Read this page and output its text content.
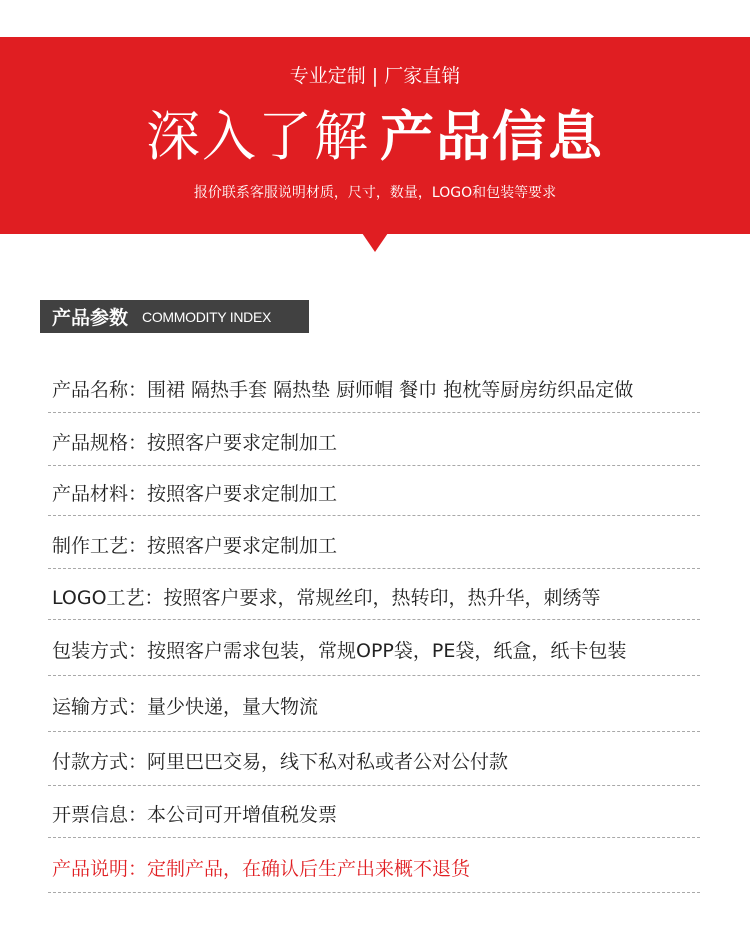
专业定制 | 厂家直销
深入了解 产品信息
报价联系客服说明材质，尺寸，数量，LOGO和包装等要求
产品参数 COMMODITY INDEX
产品名称： 围裙 隔热手套 隔热垫 厨师帽 餐巾 抱枕等厨房纺织品定做
产品规格： 按照客户要求定制加工
产品材料： 按照客户要求定制加工
制作工艺： 按照客户要求定制加工
LOGO工艺： 按照客户要求，常规丝印，热转印，热升华，刺绣等
包装方式： 按照客户需求包装，常规OPP袋，PE袋，纸盒，纸卡包装
运输方式： 量少快递，量大物流
付款方式： 阿里巴巴交易，线下私对私或者公对公付款
开票信息： 本公司可开增值税发票
产品说明： 定制产品，在确认后生产出来概不退货
